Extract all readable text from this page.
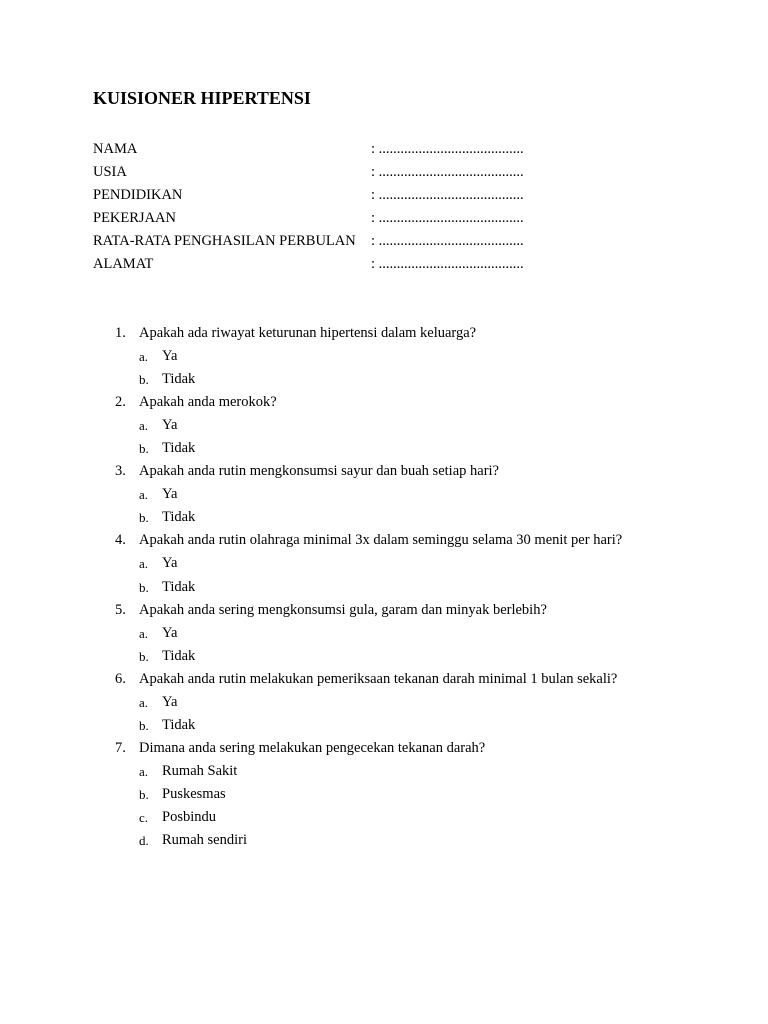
KUISIONER HIPERTENSI
NAMA	: ........................................
USIA	: ........................................
PENDIDIKAN	: ........................................
PEKERJAAN	: ........................................
RATA-RATA PENGHASILAN PERBULAN : ........................................
ALAMAT	: ........................................
1. Apakah ada riwayat keturunan hipertensi dalam keluarga?
a. Ya
b. Tidak
2. Apakah anda merokok?
a. Ya
b. Tidak
3. Apakah anda rutin mengkonsumsi sayur dan buah setiap hari?
a. Ya
b. Tidak
4. Apakah anda rutin olahraga minimal 3x dalam seminggu selama 30 menit per hari?
a. Ya
b. Tidak
5. Apakah anda sering mengkonsumsi gula, garam dan minyak berlebih?
a. Ya
b. Tidak
6. Apakah anda rutin melakukan pemeriksaan tekanan darah minimal 1 bulan sekali?
a. Ya
b. Tidak
7. Dimana anda sering melakukan pengecekan tekanan darah?
a. Rumah Sakit
b. Puskesmas
c. Posbindu
d. Rumah sendiri
